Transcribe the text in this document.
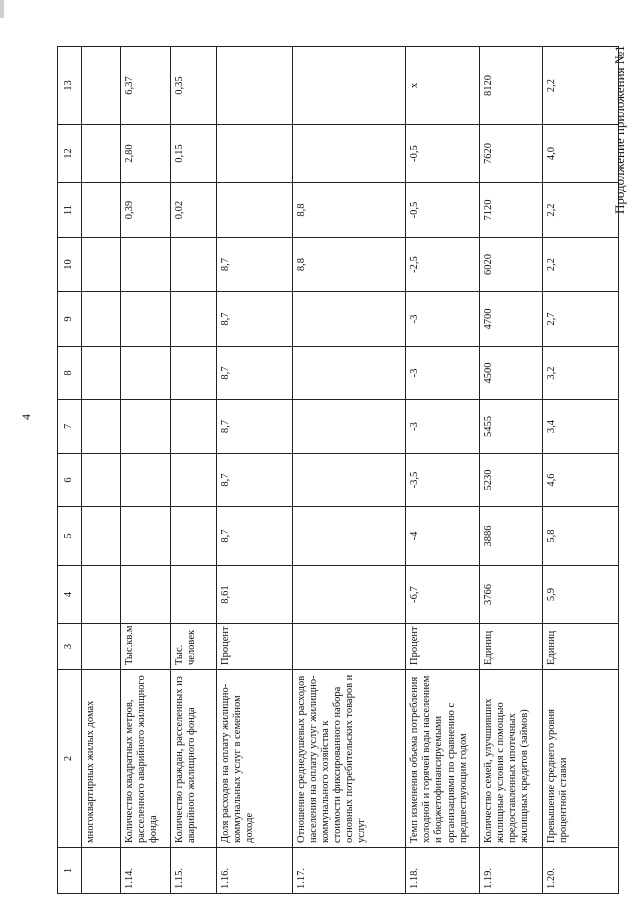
4
Продолжение приложения №1
1	2	3	4	5	6	7	8	9	10	11	12	13
	многоквартирных жилых домах											
1.14.	Количество квадратных метров, расселенного аварийного жилищного фонда	Тыс.кв.м								0,39	2,80	6,37
1.15.	Количество граждан, расселенных из аварийного жилищного фонда	Тыс. человек								0,02	0,15	0,35
1.16.	Доля расходов на оплату жилищно-коммунальных услуг в семейном доходе	Процент	8,61	8,7	8,7	8,7	8,7	8,7	8,7			
1.17.	Отношение среднедушевых расходов населения на оплату услуг жилищно-коммунального хозяйства к стоимости фиксированного набора основных потребительских товаров и услуг								8,8	8,8		
1.18.	Темп изменения объема потребления холодной и горячей воды населением и бюджетофинансируемыми организациями по сравнению с предшествующим годом	Процент	-6,7	-4	-3,5	-3	-3	-3	-2,5	-0,5	-0,5	х
1.19.	Количество семей, улучшивших жилищные условия с помощью предоставленных ипотечных жилищных кредитов (займов)	Единиц	3766	3886	5230	5455	4500	4700	6020	7120	7620	8120
1.20.	Превышение среднего уровня процентной ставки	Единиц	5,9	5,8	4,6	3,4	3,2	2,7	2,2	2,2	4,0	2,2
